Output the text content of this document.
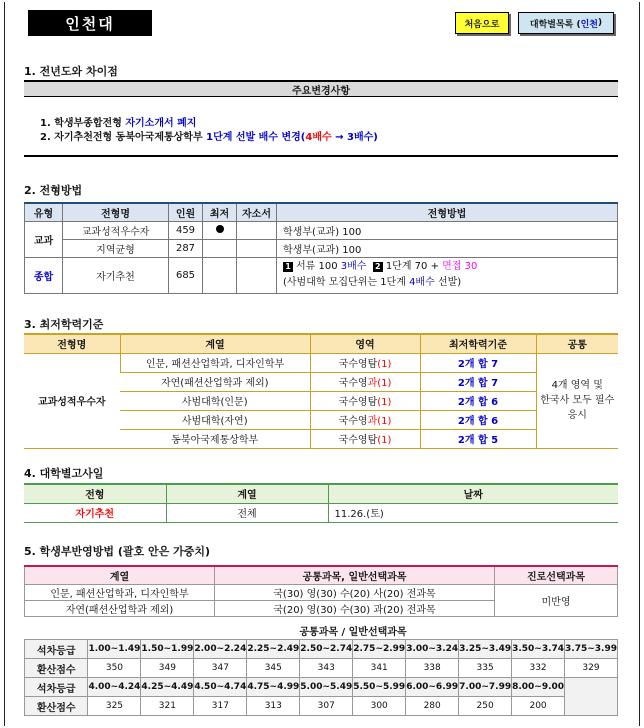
인천대	처음으로	대학별목록 ( 인천 )
1. 전년도와 차이점
주요변경사항
1. 학생부종합전형 자기소개서 폐지
2. 자기추천전형 동북아국제통상학부 1단계 선발 배수 변경(4배수 → 3배수)
2. 전형방법
유형	전형명	인원	최저	자소서	전형방법
교과	교과성적우수자	459			학생부(교과) 100
	지역균형	287			학생부(교과) 100
종합	자기추천	685			1 서류 100 3배수 2 1단계 70 + 면접 30
(사범대학 모집단위는 1단계 4배수 선발)
3. 최저학력기준
전형명	계열	영역	최저학력기준	공통
교과성적우수자	인문, 패션산업학과, 디자인학부	국수영탐(1)	2개 합 7	4개 영역 및
한국사 모두 필수
응시

	자연(패션산업학과 제외)	국수영과(1)	2개 합 7	
	사범대학(인문)	국수영탐(1)	2개 합 6	
	사범대학(자연)	국수영과(1)	2개 합 6	
	동북아국제통상학부	국수영탐(1)	2개 합 5	
4. 대학별고사일
전형	계열	날짜
자기추천	전체	11.26.(토)
5. 학생부반영방법 (괄호 안은 가중치)
계열	공통과목, 일반선택과목	진로선택과목
인문, 패션산업학과, 디자인학부	국(30) 영(30) 수(20) 사(20) 전과목	미반영
자연(패션산업학과 제외)	국(20) 영(30) 수(30) 과(20) 전과목	
공통과목 / 일반선택과목
석차등급	1.00~1.49	1.50~1.99	2.00~2.24	2.25~2.49	2.50~2.74	2.75~2.99	3.00~3.24	3.25~3.49	3.50~3.74	3.75~3.99
환산점수	350	349	347	345	343	341	338	335	332	329
석차등급	4.00~4.24	4.25~4.49	4.50~4.74	4.75~4.99	5.00~5.49	5.50~5.99	6.00~6.99	7.00~7.99	8.00~9.00	
환산점수	325	321	317	313	307	300	280	250	200	
